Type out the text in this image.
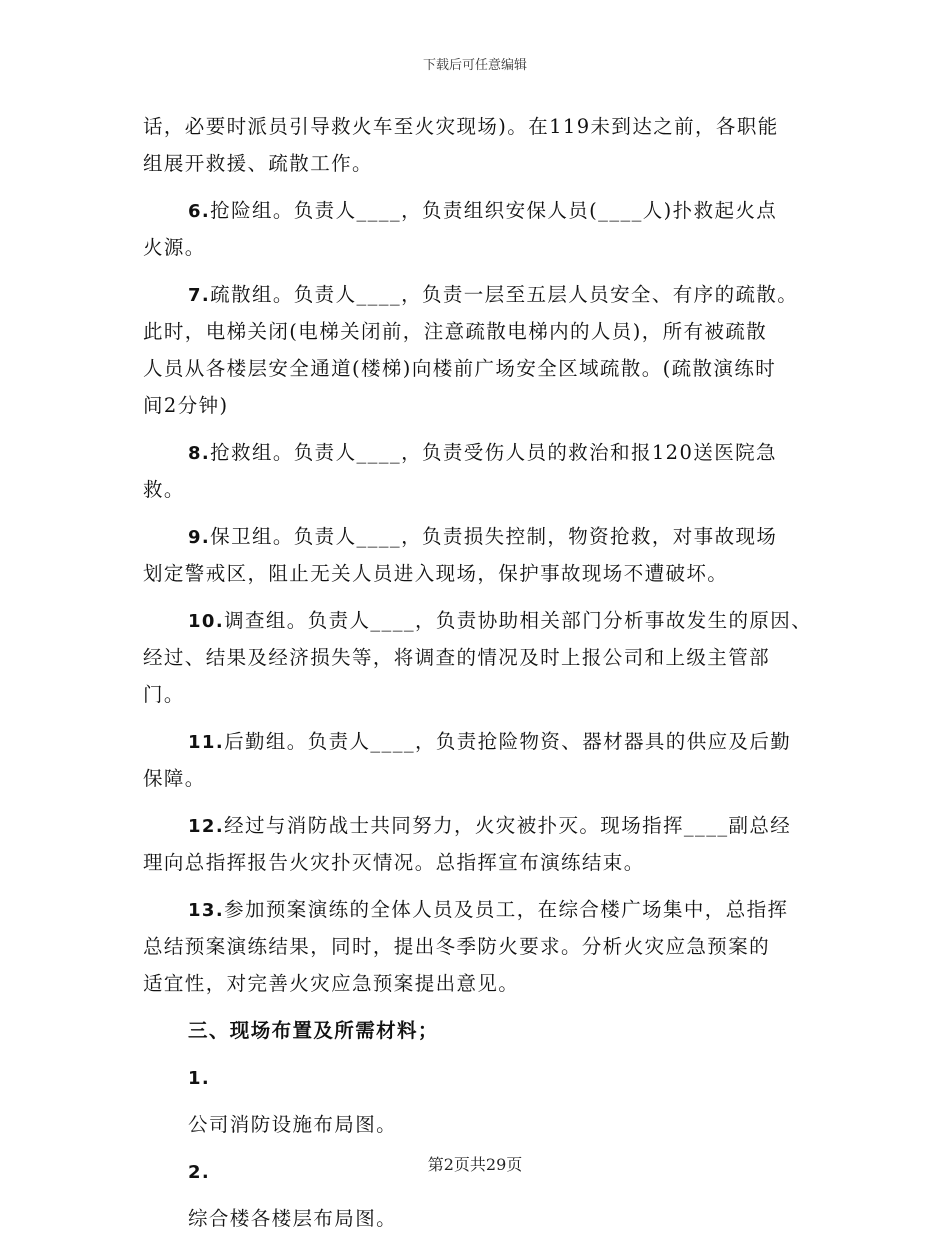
下载后可任意编辑
话，必要时派员引导救火车至火灾现场)。在119未到达之前，各职能
组展开救援、疏散工作。
6.抢险组。负责人____，负责组织安保人员(____人)扑救起火点
火源。
7.疏散组。负责人____，负责一层至五层人员安全、有序的疏散。
此时，电梯关闭(电梯关闭前，注意疏散电梯内的人员)，所有被疏散
人员从各楼层安全通道(楼梯)向楼前广场安全区域疏散。(疏散演练时
间2分钟)
8.抢救组。负责人____，负责受伤人员的救治和报120送医院急
救。
9.保卫组。负责人____，负责损失控制，物资抢救，对事故现场
划定警戒区，阻止无关人员进入现场，保护事故现场不遭破坏。
10.调查组。负责人____，负责协助相关部门分析事故发生的原因、
经过、结果及经济损失等，将调查的情况及时上报公司和上级主管部
门。
11.后勤组。负责人____，负责抢险物资、器材器具的供应及后勤
保障。
12.经过与消防战士共同努力，火灾被扑灭。现场指挥____副总经
理向总指挥报告火灾扑灭情况。总指挥宣布演练结束。
13.参加预案演练的全体人员及员工，在综合楼广场集中，总指挥
总结预案演练结果，同时，提出冬季防火要求。分析火灾应急预案的
适宜性，对完善火灾应急预案提出意见。
三、现场布置及所需材料；
1.
公司消防设施布局图。
2.
综合楼各楼层布局图。
第2页共29页
